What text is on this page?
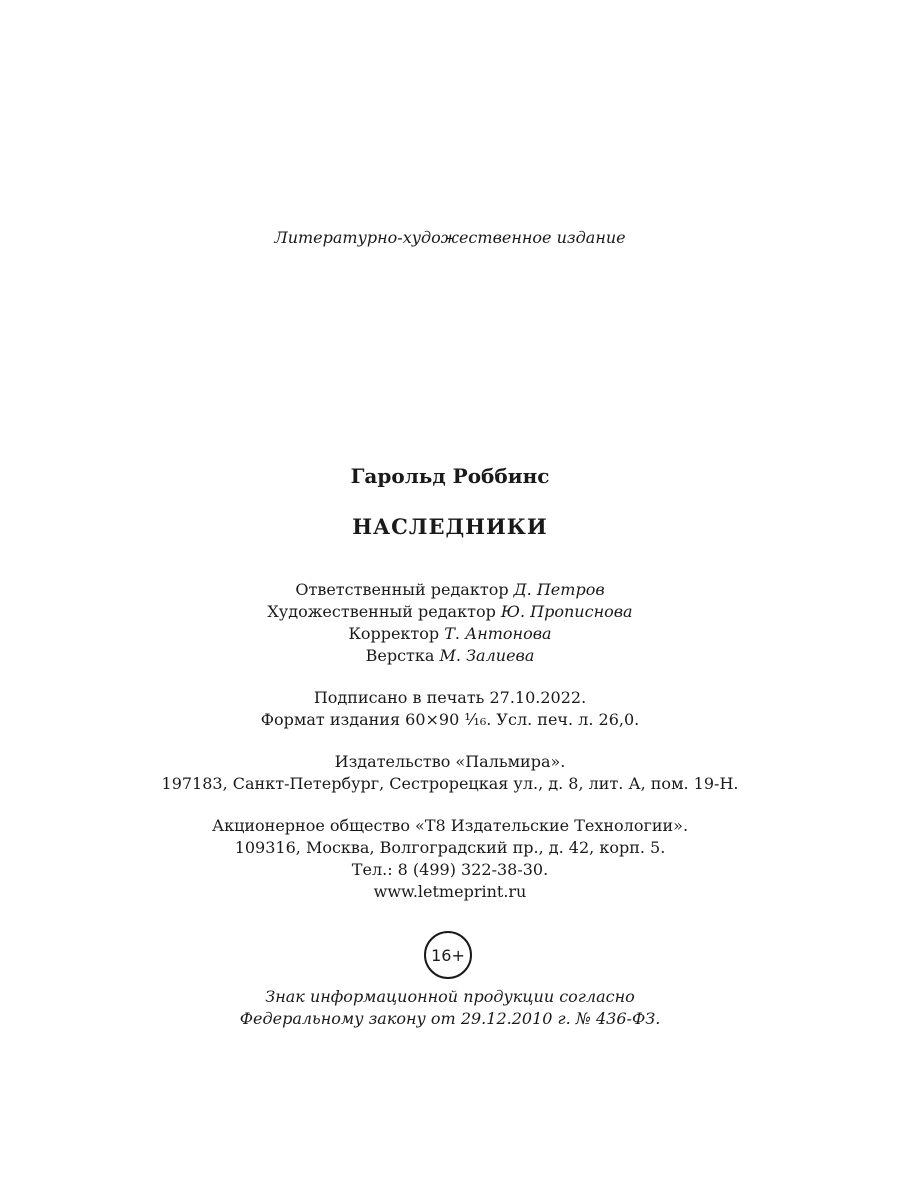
Литературно-художественное издание
Гарольд Роббинс
НАСЛЕДНИКИ
Ответственный редактор Д. Петров
Художественный редактор Ю. Прописнова
Корректор Т. Антонова
Верстка М. Залиева
Подписано в печать 27.10.2022.
Формат издания 60×90 ¹⁄₁₆. Усл. печ. л. 26,0.
Издательство «Пальмира».
197183, Санкт-Петербург, Сестрорецкая ул., д. 8, лит. А, пом. 19-Н.
Акционерное общество «Т8 Издательские Технологии».
109316, Москва, Волгоградский пр., д. 42, корп. 5.
Тел.: 8 (499) 322-38-30.
www.letmeprint.ru
16+
Знак информационной продукции согласно
Федеральному закону от 29.12.2010 г. № 436-ФЗ.
